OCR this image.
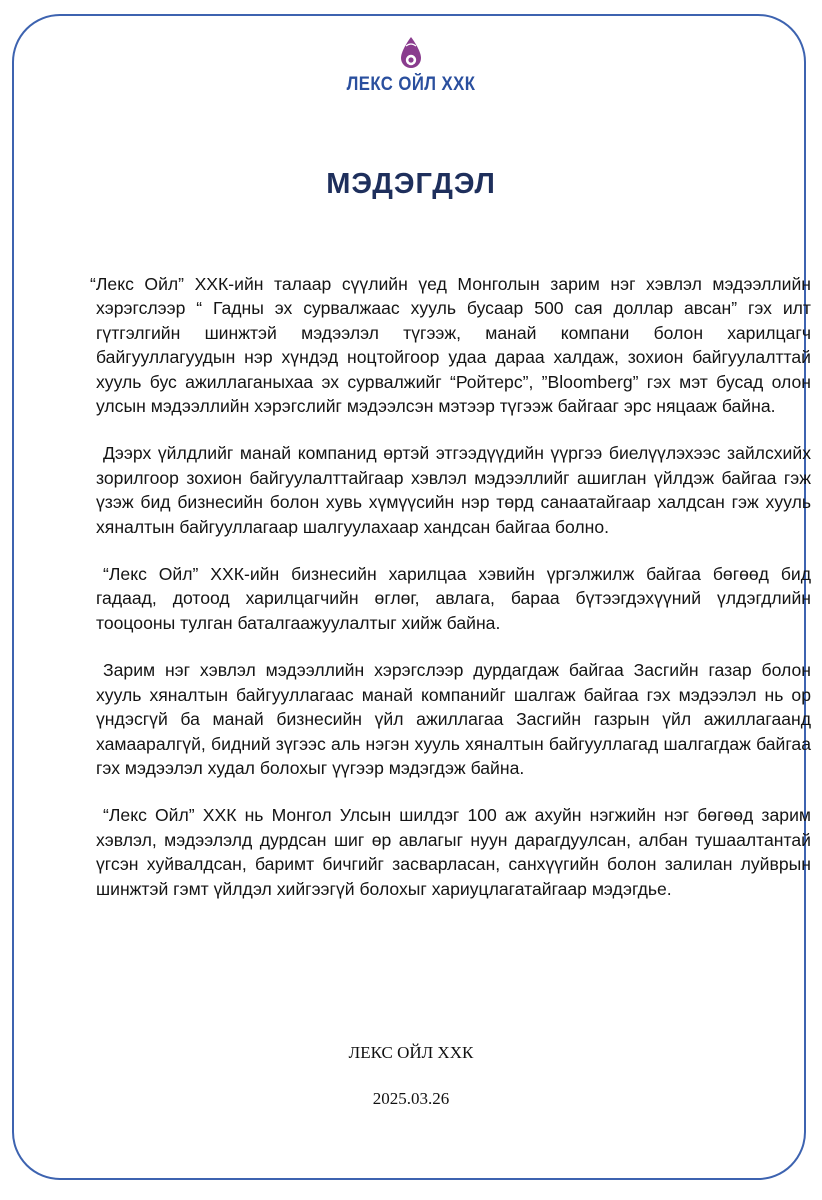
ЛЕКС ОЙЛ ХХК
МЭДЭГДЭЛ

“Лекс Ойл” ХХК-ийн талаар сүүлийн үед Монголын зарим нэг хэвлэл мэдээллийн хэрэгслээр “ Гадны эх сурвалжаас хууль бусаар 500 сая доллар авсан” гэх илт гүтгэлгийн шинжтэй мэдээлэл түгээж, манай компани болон харилцагч байгууллагуудын нэр хүндэд ноцтойгоор удаа дараа халдаж, зохион байгуулалттай хууль бус ажиллаганыхаа эх сурвалжийг “Ройтерс”, ”Bloomberg” гэх мэт бусад олон улсын мэдээллийн хэрэгслийг мэдээлсэн мэтээр түгээж байгааг эрс няцааж байна.

Дээрх үйлдлийг манай компанид өртэй этгээдүүдийн үүргээ биелүүлэхээс зайлсхийх зорилгоор зохион байгуулалттайгаар хэвлэл мэдээллийг ашиглан үйлдэж байгаа гэж үзэж бид бизнесийн болон хувь хүмүүсийн нэр төрд санаатайгаар халдсан гэж хууль хяналтын байгууллагаар шалгуулахаар хандсан байгаа болно.

“Лекс Ойл” ХХК-ийн бизнесийн харилцаа хэвийн үргэлжилж байгаа бөгөөд бид гадаад, дотоод харилцагчийн өглөг, авлага, бараа бүтээгдэхүүний үлдэгдлийн тооцооны тулган баталгаажуулалтыг хийж байна.

Зарим нэг хэвлэл мэдээллийн хэрэгслээр дурдагдаж байгаа Засгийн газар болон хууль хяналтын байгууллагаас манай компанийг шалгаж байгаа гэх мэдээлэл нь ор үндэсгүй ба манай бизнесийн үйл ажиллагаа Засгийн газрын үйл ажиллагаанд хамааралгүй, бидний зүгээс аль нэгэн хууль хяналтын байгууллагад шалгагдаж байгаа гэх мэдээлэл худал болохыг үүгээр мэдэгдэж байна.

“Лекс Ойл” ХХК нь Монгол Улсын шилдэг 100 аж ахуйн нэгжийн нэг бөгөөд зарим хэвлэл, мэдээлэлд дурдсан шиг өр авлагыг нуун дарагдуулсан, албан тушаалтантай үгсэн хуйвалдсан, баримт бичгийг засварласан, санхүүгийн болон залилан луйврын шинжтэй гэмт үйлдэл хийгээгүй болохыг хариуцлагатайгаар мэдэгдье.

ЛЕКС ОЙЛ ХХК
2025.03.26
